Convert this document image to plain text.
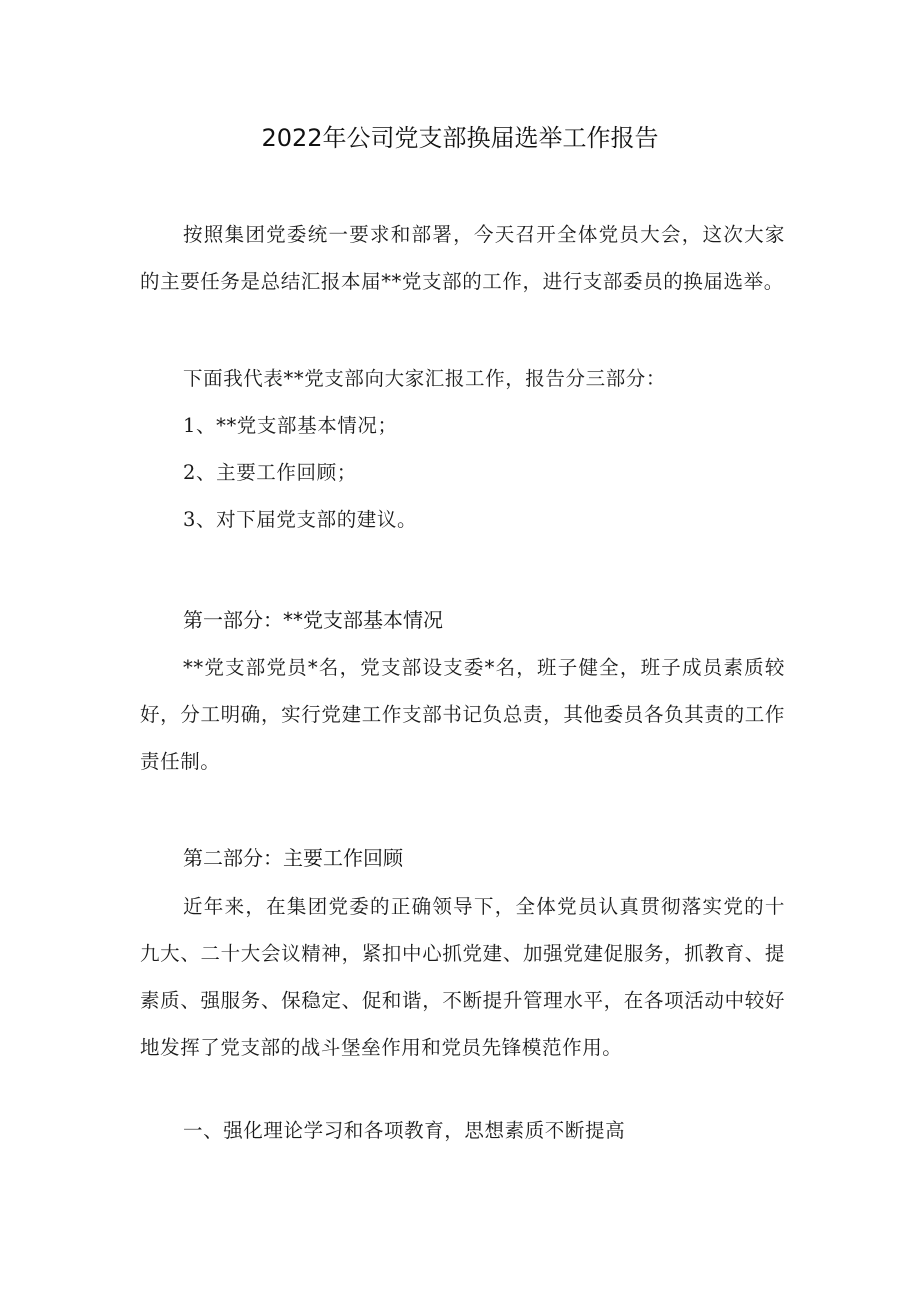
2022年公司党支部换届选举工作报告

按照集团党委统一要求和部署，今天召开全体党员大会，这次大家的主要任务是总结汇报本届**党支部的工作，进行支部委员的换届选举。

下面我代表**党支部向大家汇报工作，报告分三部分：
1、**党支部基本情况；
2、主要工作回顾；
3、对下届党支部的建议。
第一部分：**党支部基本情况

**党支部党员*名，党支部设支委*名，班子健全，班子成员素质较好，分工明确，实行党建工作支部书记负总责，其他委员各负其责的工作责任制。

第二部分：主要工作回顾

近年来，在集团党委的正确领导下，全体党员认真贯彻落实党的十九大、二十大会议精神，紧扣中心抓党建、加强党建促服务，抓教育、提素质、强服务、保稳定、促和谐，不断提升管理水平，在各项活动中较好地发挥了党支部的战斗堡垒作用和党员先锋模范作用。

一、强化理论学习和各项教育，思想素质不断提高
